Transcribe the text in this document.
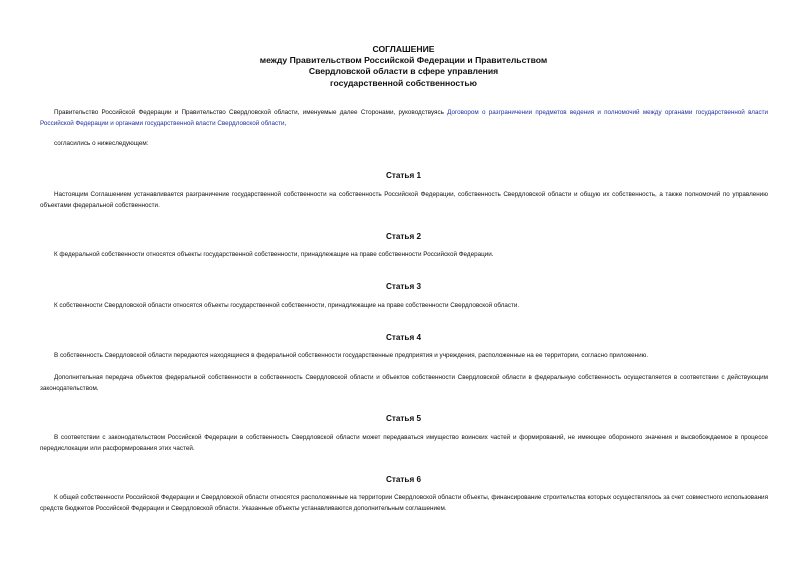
СОГЛАШЕНИЕ
между Правительством Российской Федерации и Правительством
Свердловской области в сфере управления
государственной собственностью
Правительство Российской Федерации и Правительство Свердловской области, именуемые далее Сторонами, руководствуясь Договором о разграничении предметов ведения и полномочий между органами государственной власти Российской Федерации и органами государственной власти Свердловской области,
согласились о нижеследующем:
Статья 1
Настоящим Соглашением устанавливается разграничение государственной собственности на собственность Российской Федерации, собственность Свердловской области и общую их собственность, а также полномочий по управлению объектами федеральной собственности.
Статья 2
К федеральной собственности относятся объекты государственной собственности, принадлежащие на праве собственности Российской Федерации.
Статья 3
К собственности Свердловской области относятся объекты государственной собственности, принадлежащие на праве собственности Свердловской области.
Статья 4
В собственность Свердловской области передаются находящиеся в федеральной собственности государственные предприятия и учреждения, расположенные на ее территории, согласно приложению.
Дополнительная передача объектов федеральной собственности в собственность Свердловской области и объектов собственности Свердловской области в федеральную собственность осуществляется в соответствии с действующим законодательством.
Статья 5
В соответствии с законодательством Российской Федерации в собственность Свердловской области может передаваться имущество воинских частей и формирований, не имеющее оборонного значения и высвобождаемое в процессе передислокации или расформирования этих частей.
Статья 6
К общей собственности Российской Федерации и Свердловской области относятся расположенные на территории Свердловской области объекты, финансирование строительства которых осуществлялось за счет совместного использования средств бюджетов Российской Федерации и Свердловской области. Указанные объекты устанавливаются дополнительным соглашением.
